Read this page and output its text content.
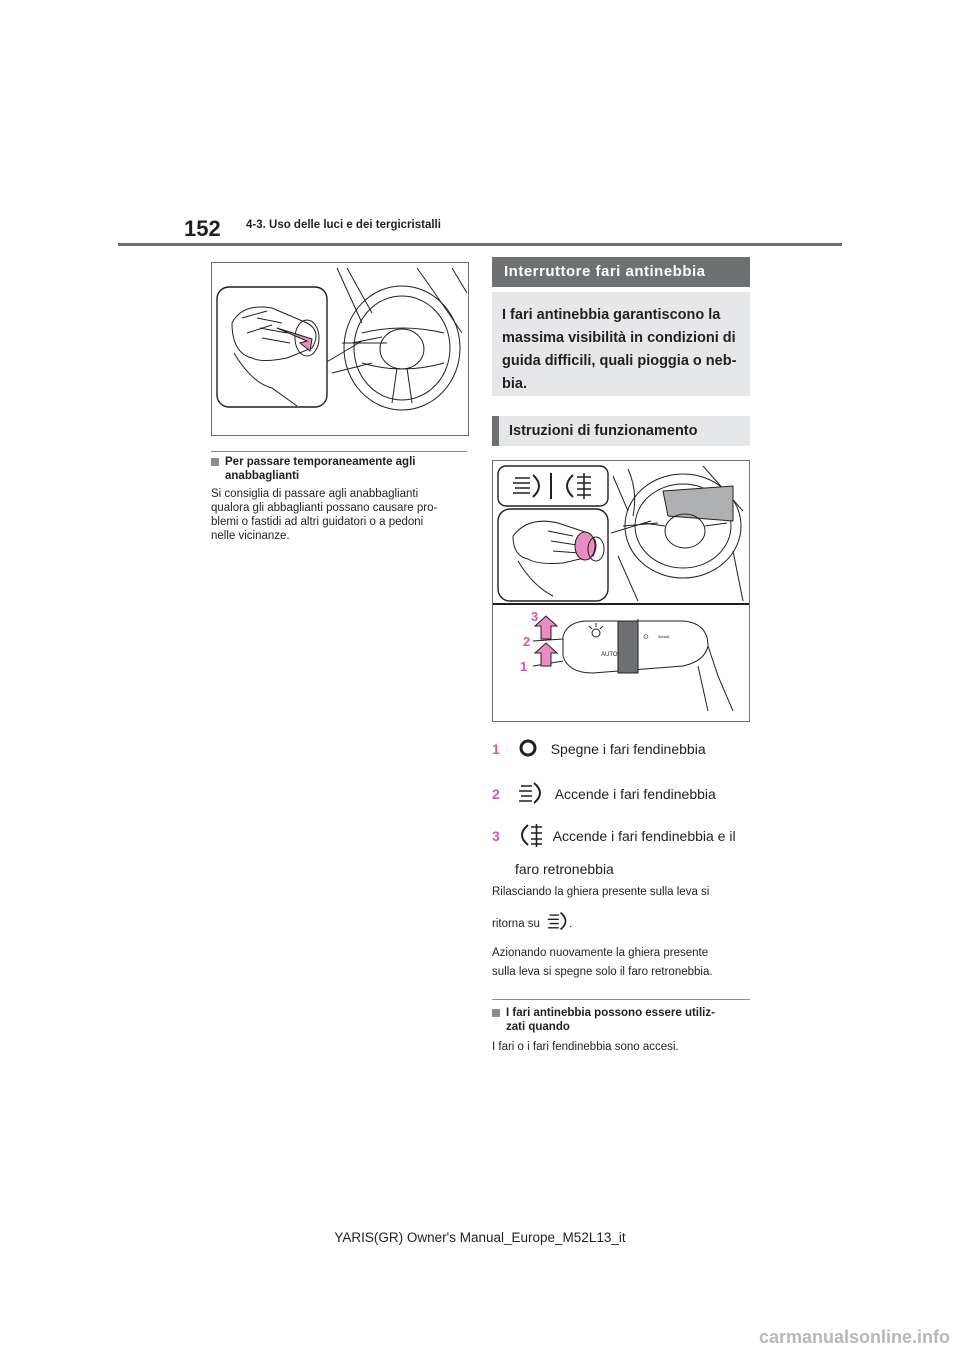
152 4-3. Uso delle luci e dei tergicristalli
Per passare temporaneamente agli
anabbaglianti
Si consiglia di passare agli anabbaglianti
qualora gli abbaglianti possano causare pro-
blemi o fastidi ad altri guidatori o a pedoni
nelle vicinanze.
Interruttore fari antinebbia
I fari antinebbia garantiscono la
massima visibilità in condizioni di
guida difficili, quali pioggia o neb-
bia.
Istruzioni di funzionamento
AUTO
⊙ ⇦⇨
1
2
3
1	Spegne i fari fendinebbia
2	Accende i fari fendinebbia
3	Accende i fari fendinebbia e il
faro retronebbia
Rilasciando la ghiera presente sulla leva si
ritorna su	.
Azionando nuovamente la ghiera presente
sulla leva si spegne solo il faro retronebbia.
I fari antinebbia possono essere utiliz-
zati quando
I fari o i fari fendinebbia sono accesi.
YARIS(GR) Owner's Manual_Europe_M52L13_it
carmanualsonline.info
